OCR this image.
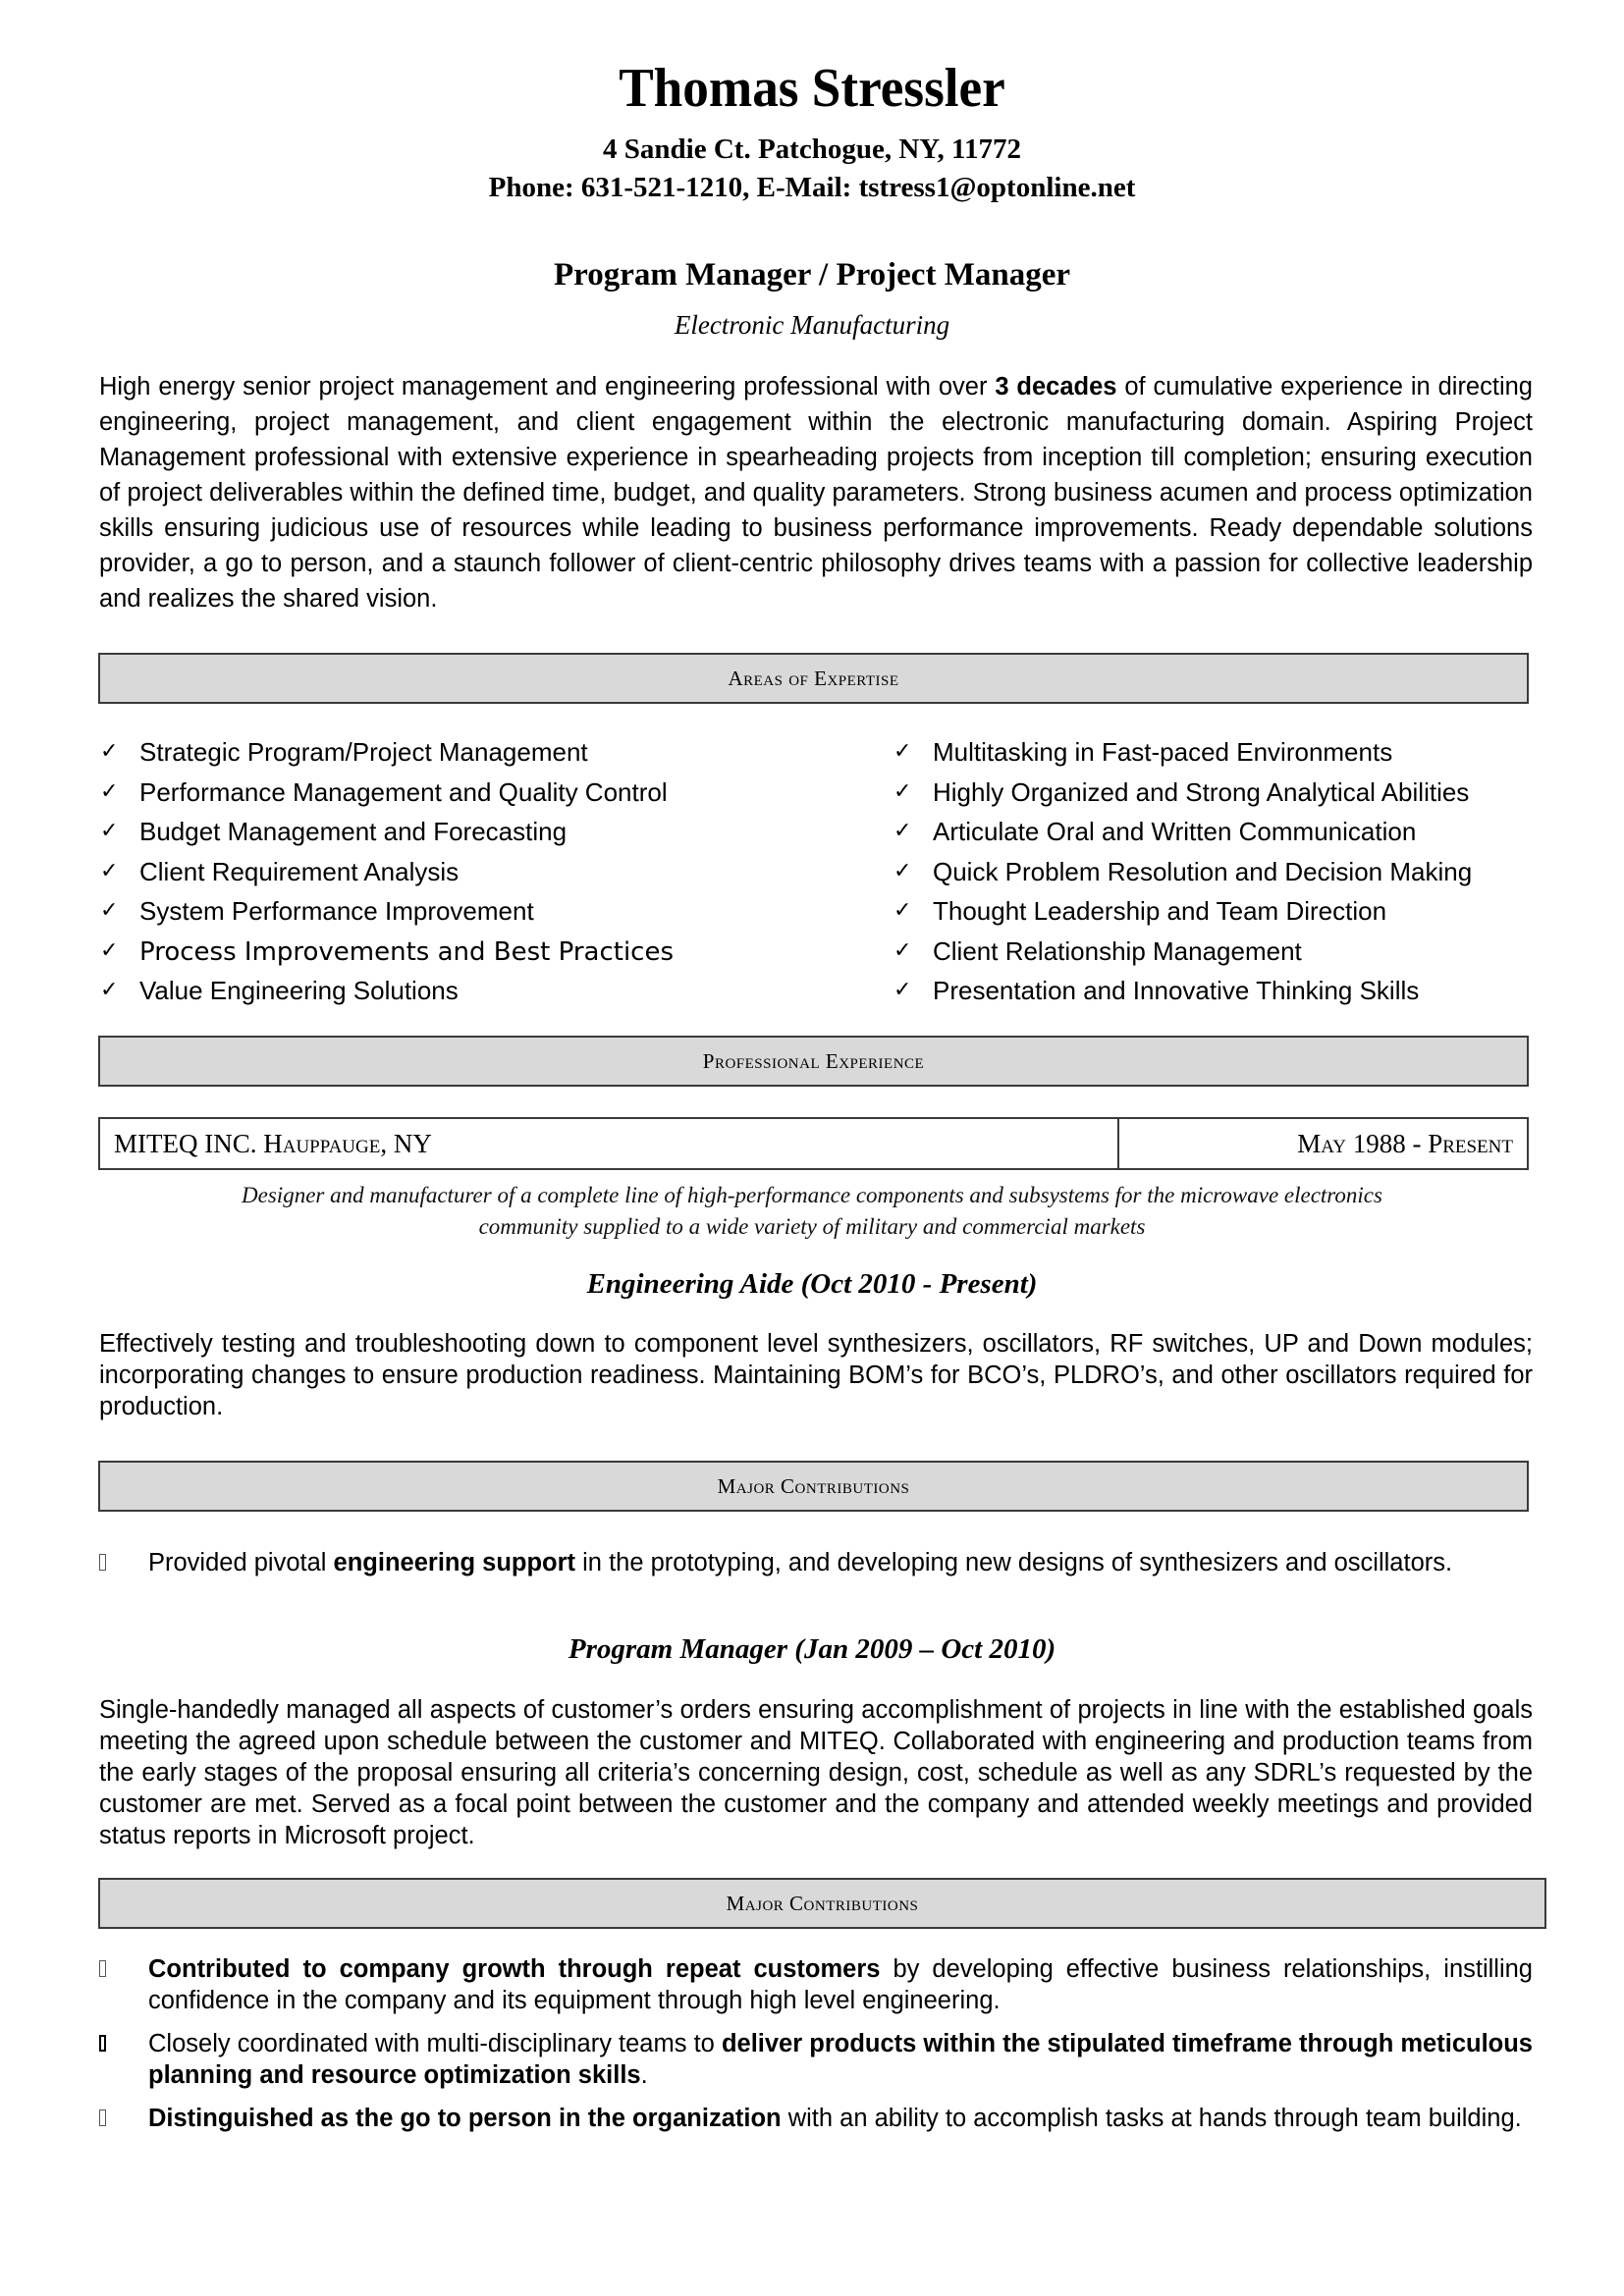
Thomas Stressler
4 Sandie Ct. Patchogue, NY, 11772
Phone: 631-521-1210, E-Mail: tstress1@optonline.net
Program Manager / Project Manager
Electronic Manufacturing
High energy senior project management and engineering professional with over 3 decades of cumulative experience in directing engineering, project management, and client engagement within the electronic manufacturing domain. Aspiring Project Management professional with extensive experience in spearheading projects from inception till completion; ensuring execution of project deliverables within the defined time, budget, and quality parameters. Strong business acumen and process optimization skills ensuring judicious use of resources while leading to business performance improvements. Ready dependable solutions provider, a go to person, and a staunch follower of client-centric philosophy drives teams with a passion for collective leadership and realizes the shared vision.
Areas of Expertise
✓ Strategic Program/Project Management
✓ Performance Management and Quality Control
✓ Budget Management and Forecasting
✓ Client Requirement Analysis
✓ System Performance Improvement
✓ Process Improvements and Best Practices
✓ Value Engineering Solutions
✓ Multitasking in Fast-paced Environments
✓ Highly Organized and Strong Analytical Abilities
✓ Articulate Oral and Written Communication
✓ Quick Problem Resolution and Decision Making
✓ Thought Leadership and Team Direction
✓ Client Relationship Management
✓ Presentation and Innovative Thinking Skills
Professional Experience
MITEQ INC. Hauppauge, NY	May 1988 - Present
Designer and manufacturer of a complete line of high-performance components and subsystems for the microwave electronics
community supplied to a wide variety of military and commercial markets
Engineering Aide (Oct 2010 - Present)
Effectively testing and troubleshooting down to component level synthesizers, oscillators, RF switches, UP and Down modules; incorporating changes to ensure production readiness. Maintaining BOM’s for BCO’s, PLDRO’s, and other oscillators required for production.
Major Contributions
Provided pivotal engineering support in the prototyping, and developing new designs of synthesizers and oscillators.
Program Manager (Jan 2009 – Oct 2010)
Single-handedly managed all aspects of customer’s orders ensuring accomplishment of projects in line with the established goals meeting the agreed upon schedule between the customer and MITEQ. Collaborated with engineering and production teams from the early stages of the proposal ensuring all criteria’s concerning design, cost, schedule as well as any SDRL’s requested by the customer are met. Served as a focal point between the customer and the company and attended weekly meetings and provided status reports in Microsoft project.
Major Contributions
Contributed to company growth through repeat customers by developing effective business relationships, instilling confidence in the company and its equipment through high level engineering.
Closely coordinated with multi-disciplinary teams to deliver products within the stipulated timeframe through meticulous planning and resource optimization skills.
Distinguished as the go to person in the organization with an ability to accomplish tasks at hands through team building.
